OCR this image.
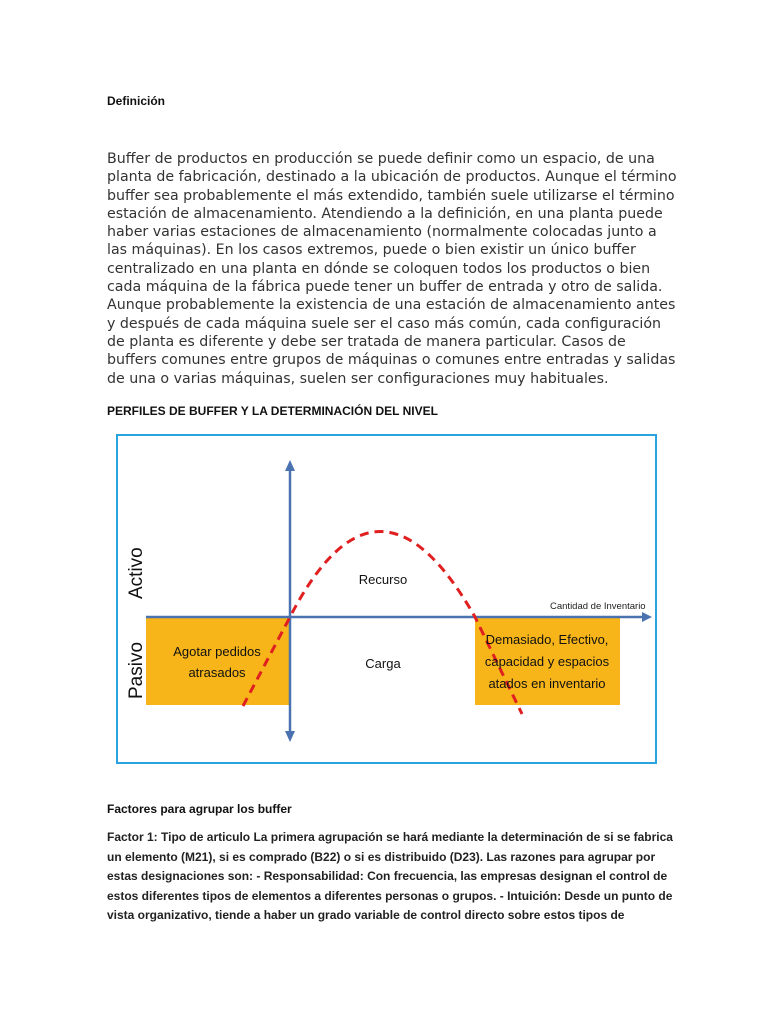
Definición
Buffer de productos en producción se puede definir como un espacio, de una
planta de fabricación, destinado a la ubicación de productos. Aunque el término
buffer sea probablemente el más extendido, también suele utilizarse el término
estación de almacenamiento. Atendiendo a la definición, en una planta puede
haber varias estaciones de almacenamiento (normalmente colocadas junto a
las máquinas). En los casos extremos, puede o bien existir un único buffer
centralizado en una planta en dónde se coloquen todos los productos o bien
cada máquina de la fábrica puede tener un buffer de entrada y otro de salida.
Aunque probablemente la existencia de una estación de almacenamiento antes
y después de cada máquina suele ser el caso más común, cada configuración
de planta es diferente y debe ser tratada de manera particular. Casos de
buffers comunes entre grupos de máquinas o comunes entre entradas y salidas
de una o varias máquinas, suelen ser configuraciones muy habituales.
PERFILES DE BUFFER Y LA DETERMINACIÓN DEL NIVEL
Activo
Pasivo
Cantidad de Inventario
Recurso
Carga
Agotar pedidos
atrasados
Demasiado, Efectivo,
capacidad y espacios
atados en inventario
Factores para agrupar los buffer
Factor 1: Tipo de articulo La primera agrupación se hará mediante la determinación de si se fabrica
un elemento (M21), si es comprado (B22) o si es distribuido (D23). Las razones para agrupar por
estas designaciones son: - Responsabilidad: Con frecuencia, las empresas designan el control de
estos diferentes tipos de elementos a diferentes personas o grupos. - Intuición: Desde un punto de
vista organizativo, tiende a haber un grado variable de control directo sobre estos tipos de
